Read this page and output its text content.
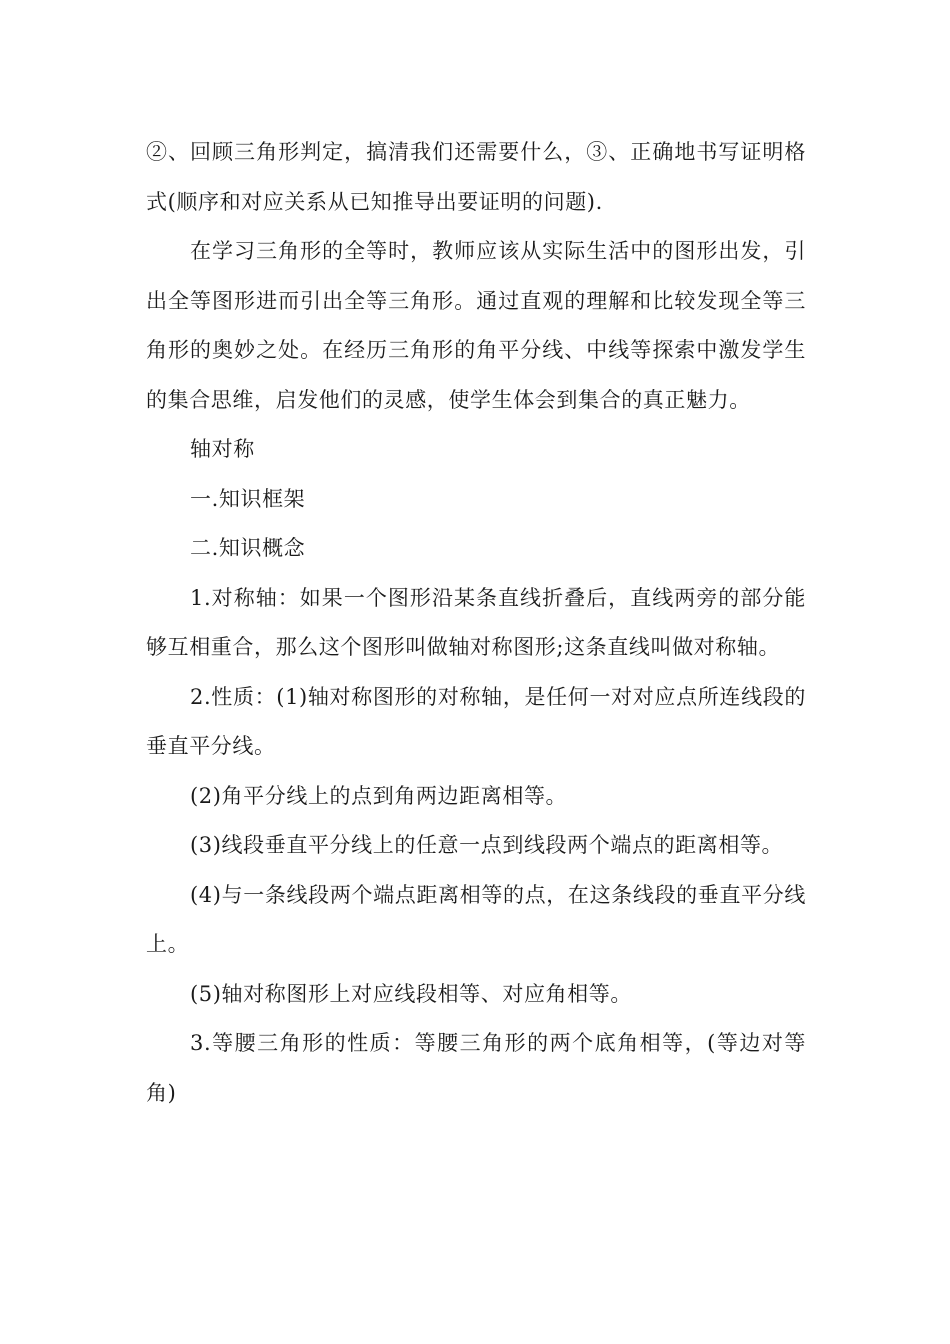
②、回顾三角形判定，搞清我们还需要什么，③、正确地书写证明格式(顺序和对应关系从已知推导出要证明的问题).

在学习三角形的全等时，教师应该从实际生活中的图形出发，引出全等图形进而引出全等三角形。通过直观的理解和比较发现全等三角形的奥妙之处。在经历三角形的角平分线、中线等探索中激发学生的集合思维，启发他们的灵感，使学生体会到集合的真正魅力。

轴对称

一.知识框架

二.知识概念

1.对称轴：如果一个图形沿某条直线折叠后，直线两旁的部分能够互相重合，那么这个图形叫做轴对称图形;这条直线叫做对称轴。

2.性质：(1)轴对称图形的对称轴，是任何一对对应点所连线段的垂直平分线。

(2)角平分线上的点到角两边距离相等。

(3)线段垂直平分线上的任意一点到线段两个端点的距离相等。

(4)与一条线段两个端点距离相等的点，在这条线段的垂直平分线上。

(5)轴对称图形上对应线段相等、对应角相等。

3.等腰三角形的性质：等腰三角形的两个底角相等，(等边对等角)
